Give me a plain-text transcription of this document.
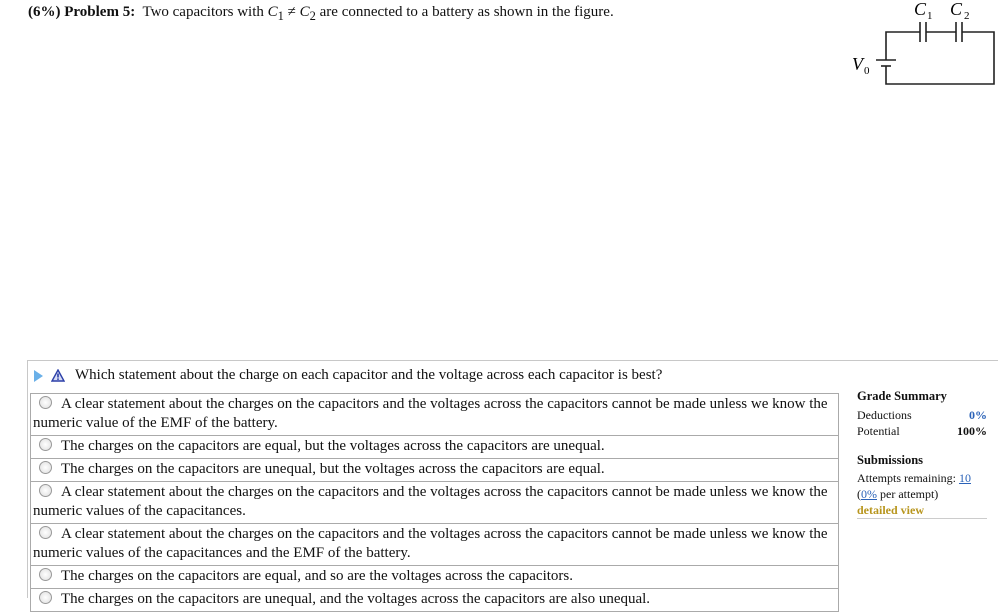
(6%) Problem 5: Two capacitors with $C_1 \ne C_2$ are connected to a battery as shown in the figure.	C 1 C 2
V 0
Which statement about the charge on each capacitor and the voltage across each capacitor is best?
A clear statement about the charges on the capacitors and the voltages across the capacitors cannot be made unless we know the numeric value of the EMF of the battery.
The charges on the capacitors are equal, but the voltages across the capacitors are unequal.
The charges on the capacitors are unequal, but the voltages across the capacitors are equal.
A clear statement about the charges on the capacitors and the voltages across the capacitors cannot be made unless we know the numeric values of the capacitances.
A clear statement about the charges on the capacitors and the voltages across the capacitors cannot be made unless we know the numeric values of the capacitances and the EMF of the battery.
The charges on the capacitors are equal, and so are the voltages across the capacitors.
The charges on the capacitors are unequal, and the voltages across the capacitors are also unequal.
Grade Summary
Deductions	0%
Potential	100%
Submissions
Attempts remaining: 10
(0% per attempt)
detailed view
